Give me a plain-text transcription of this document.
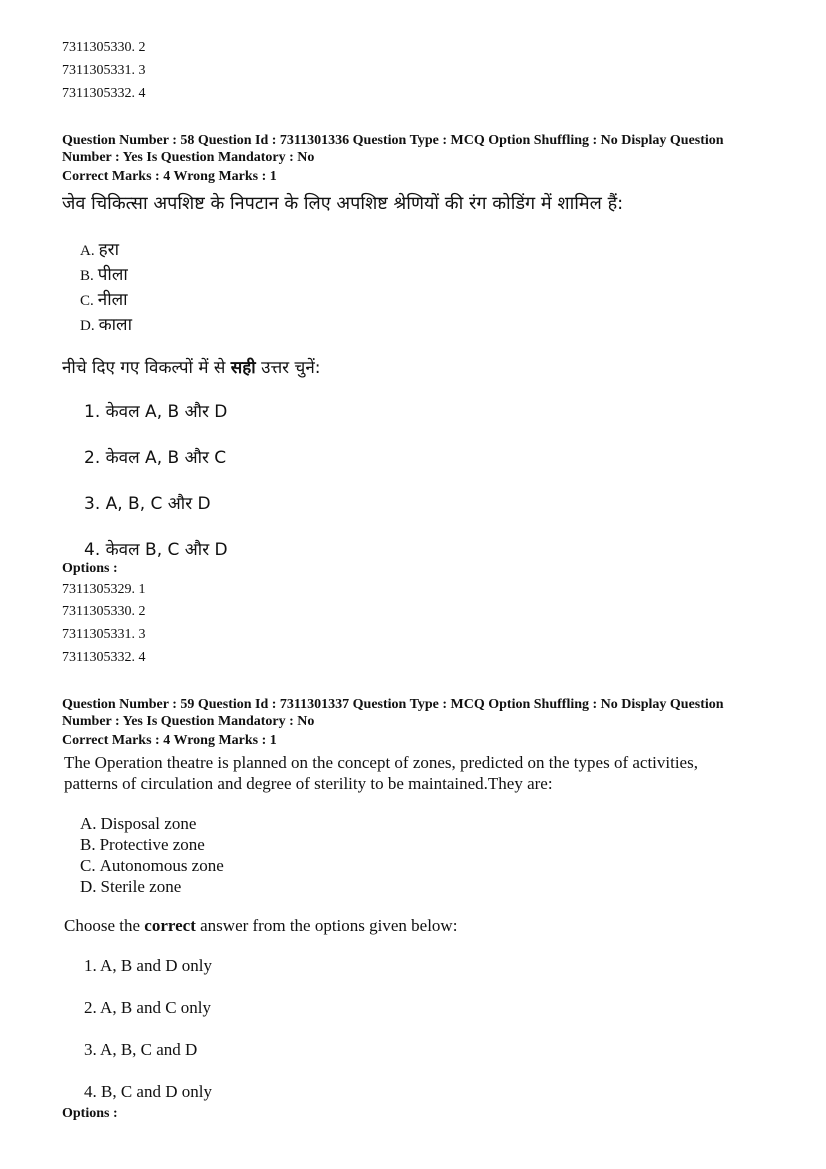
7311305330. 2
7311305331. 3
7311305332. 4
Question Number : 58 Question Id : 7311301336 Question Type : MCQ Option Shuffling : No Display Question Number : Yes Is Question Mandatory : No
Correct Marks : 4 Wrong Marks : 1
जेव चिकित्सा अपशिष्ट के निपटान के लिए अपशिष्ट श्रेणियों की रंग कोडिंग में शामिल हैं:
A. हरा
B. पीला
C. नीला
D. काला
नीचे दिए गए विकल्पों में से सही उत्तर चुनें:
1. केवल A, B और D
2. केवल A, B और C
3. A, B, C और D
4. केवल B, C और D
Options :
7311305329. 1
7311305330. 2
7311305331. 3
7311305332. 4
Question Number : 59 Question Id : 7311301337 Question Type : MCQ Option Shuffling : No Display Question Number : Yes Is Question Mandatory : No
Correct Marks : 4 Wrong Marks : 1
The Operation theatre is planned on the concept of zones, predicted on the types of activities,
patterns of circulation and degree of sterility to be maintained.They are:
A. Disposal zone
B. Protective zone
C. Autonomous zone
D. Sterile zone
Choose the correct answer from the options given below:
1. A, B and D only
2. A, B and C only
3. A, B, C and D
4. B, C and D only
Options :
